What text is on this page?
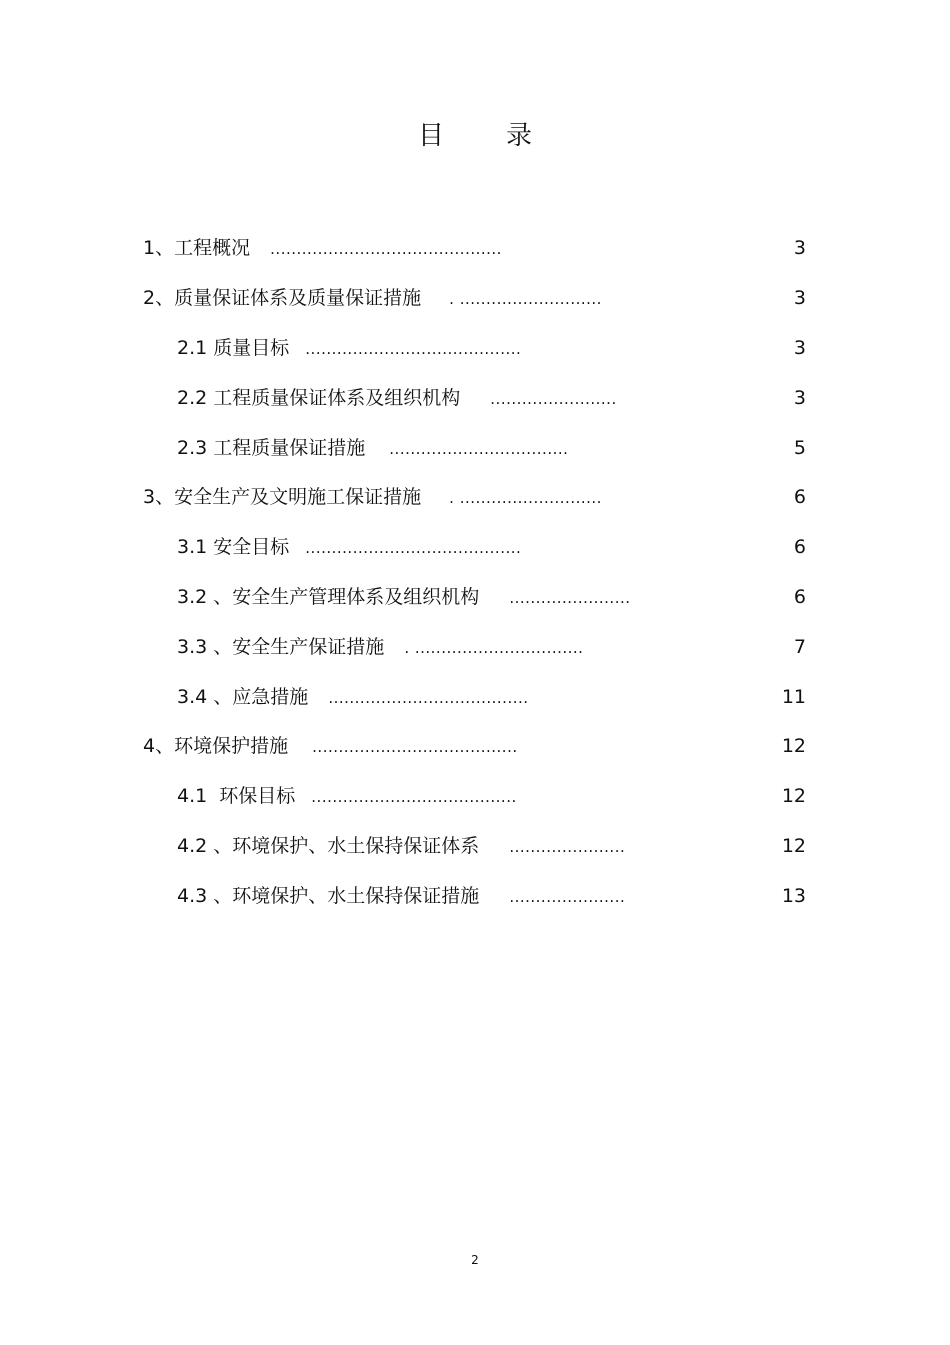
目 录
1、工程概况 ............................................	3
2、质量保证体系及质量保证措施 . ...........................	3
2.1质量目标 .........................................	3
2.2工程质量保证体系及组织机构 ........................	3
2.3工程质量保证措施 ..................................	5
3、安全生产及文明施工保证措施 . ...........................	6
3.1安全目标 .........................................	6
3.2 、安全生产管理体系及组织机构 .......................	6
3.3 、安全生产保证措施 . ................................	7
3.4 、应急措施 ......................................	11
4、环境保护措施 .......................................	12
4.1环保目标 .......................................	12
4.2 、环境保护、水土保持保证体系 ......................	12
4.3 、环境保护、水土保持保证措施 ......................	13
2
